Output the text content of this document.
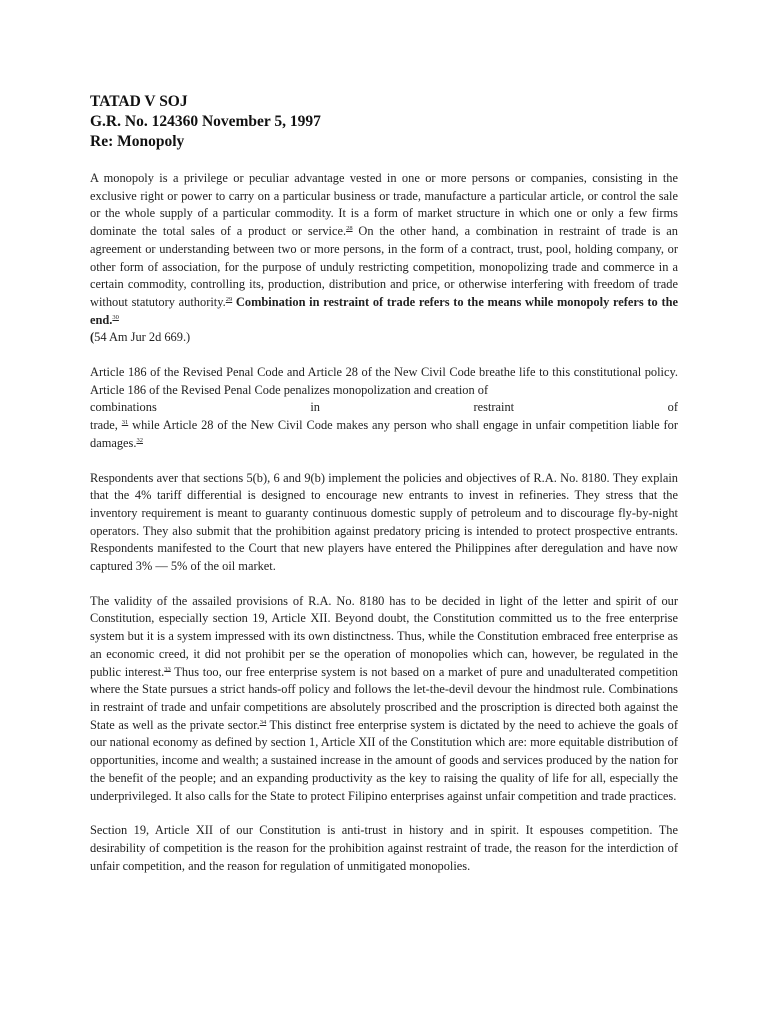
TATAD V SOJ
G.R. No. 124360 November 5, 1997
Re: Monopoly

A monopoly is a privilege or peculiar advantage vested in one or more persons or companies, consisting in the exclusive right or power to carry on a particular business or trade, manufacture a particular article, or control the sale or the whole supply of a particular commodity. It is a form of market structure in which one or only a few firms dominate the total sales of a product or service.$^{28}$ On the other hand, a combination in restraint of trade is an agreement or understanding between two or more persons, in the form of a contract, trust, pool, holding company, or other form of association, for the purpose of unduly restricting competition, monopolizing trade and commerce in a certain commodity, controlling its, production, distribution and price, or otherwise interfering with freedom of trade without statutory authority.$^{29}$ Combination in restraint of trade refers to the means while monopoly refers to the end.$^{30}$
(54 Am Jur 2d 669.)

Article 186 of the Revised Penal Code and Article 28 of the New Civil Code breathe life to this constitutional policy. Article 186 of the Revised Penal Code penalizes monopolization and creation of
combinations	in	restraint	of
trade, $^{31}$ while Article 28 of the New Civil Code makes any person who shall engage in unfair competition liable for damages.$^{32}$

Respondents aver that sections 5(b), 6 and 9(b) implement the policies and objectives of R.A. No. 8180. They explain that the 4% tariff differential is designed to encourage new entrants to invest in refineries. They stress that the inventory requirement is meant to guaranty continuous domestic supply of petroleum and to discourage fly-by-night operators. They also submit that the prohibition against predatory pricing is intended to protect prospective entrants. Respondents manifested to the Court that new players have entered the Philippines after deregulation and have now captured 3% — 5% of the oil market.

The validity of the assailed provisions of R.A. No. 8180 has to be decided in light of the letter and spirit of our Constitution, especially section 19, Article XII. Beyond doubt, the Constitution committed us to the free enterprise system but it is a system impressed with its own distinctness. Thus, while the Constitution embraced free enterprise as an economic creed, it did not prohibit per se the operation of monopolies which can, however, be regulated in the public interest.$^{33}$ Thus too, our free enterprise system is not based on a market of pure and unadulterated competition where the State pursues a strict hands-off policy and follows the let-the-devil devour the hindmost rule. Combinations in restraint of trade and unfair competitions are absolutely proscribed and the proscription is directed both against the State as well as the private sector.$^{34}$ This distinct free enterprise system is dictated by the need to achieve the goals of our national economy as defined by section 1, Article XII of the Constitution which are: more equitable distribution of opportunities, income and wealth; a sustained increase in the amount of goods and services produced by the nation for the benefit of the people; and an expanding productivity as the key to raising the quality of life for all, especially the underprivileged. It also calls for the State to protect Filipino enterprises against unfair competition and trade practices.

Section 19, Article XII of our Constitution is anti-trust in history and in spirit. It espouses competition. The desirability of competition is the reason for the prohibition against restraint of trade, the reason for the interdiction of unfair competition, and the reason for regulation of unmitigated monopolies.
